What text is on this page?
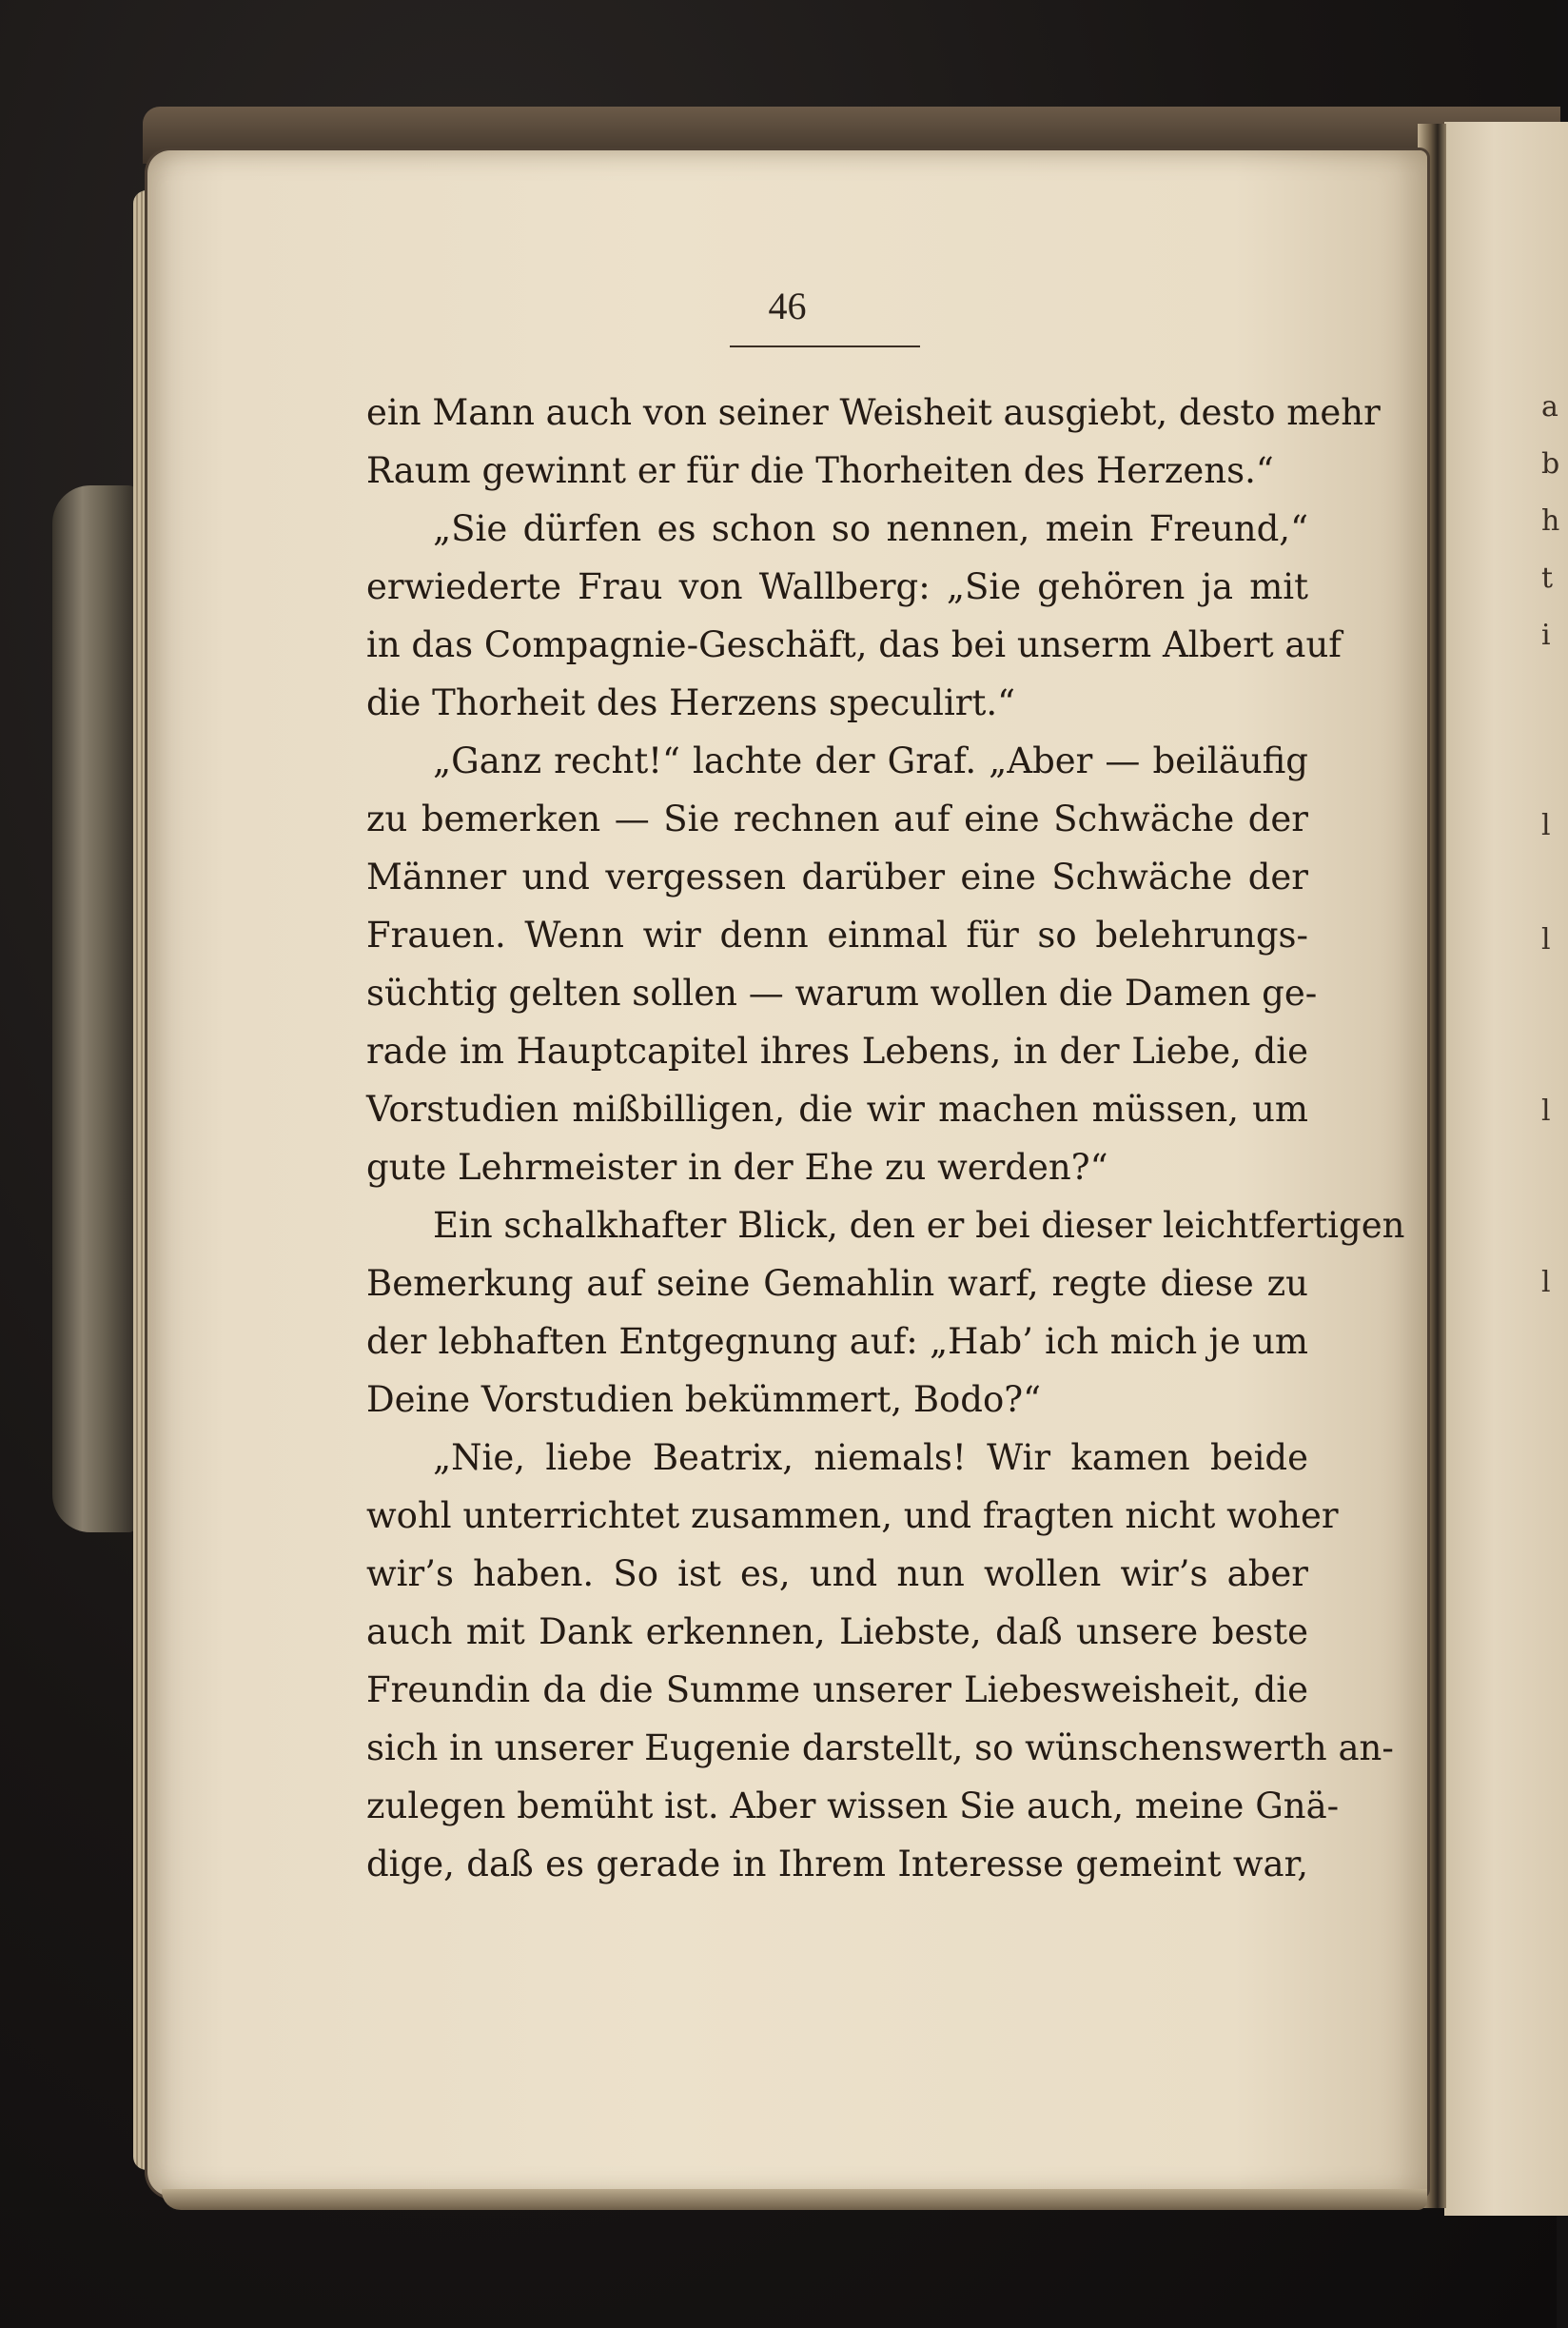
46
ein Mann auch von seiner Weisheit ausgiebt, desto mehr
Raum gewinnt er für die Thorheiten des Herzens.“
„Sie dürfen es schon so nennen, mein Freund,“
erwiederte Frau von Wallberg: „Sie gehören ja mit
in das Compagnie-Geschäft, das bei unserm Albert auf
die Thorheit des Herzens speculirt.“
„Ganz recht!“ lachte der Graf. „Aber — beiläufig
zu bemerken — Sie rechnen auf eine Schwäche der
Männer und vergessen darüber eine Schwäche der
Frauen. Wenn wir denn einmal für so belehrungs-
süchtig gelten sollen — warum wollen die Damen ge-
rade im Hauptcapitel ihres Lebens, in der Liebe, die
Vorstudien mißbilligen, die wir machen müssen, um
gute Lehrmeister in der Ehe zu werden?“
Ein schalkhafter Blick, den er bei dieser leichtfertigen
Bemerkung auf seine Gemahlin warf, regte diese zu
der lebhaften Entgegnung auf: „Hab’ ich mich je um
Deine Vorstudien bekümmert, Bodo?“
„Nie, liebe Beatrix, niemals! Wir kamen beide
wohl unterrichtet zusammen, und fragten nicht woher
wir’s haben. So ist es, und nun wollen wir’s aber
auch mit Dank erkennen, Liebste, daß unsere beste
Freundin da die Summe unserer Liebesweisheit, die
sich in unserer Eugenie darstellt, so wünschenswerth an-
zulegen bemüht ist. Aber wissen Sie auch, meine Gnä-
dige, daß es gerade in Ihrem Interesse gemeint war,
a
b
h
t
i
l
l
l
l
